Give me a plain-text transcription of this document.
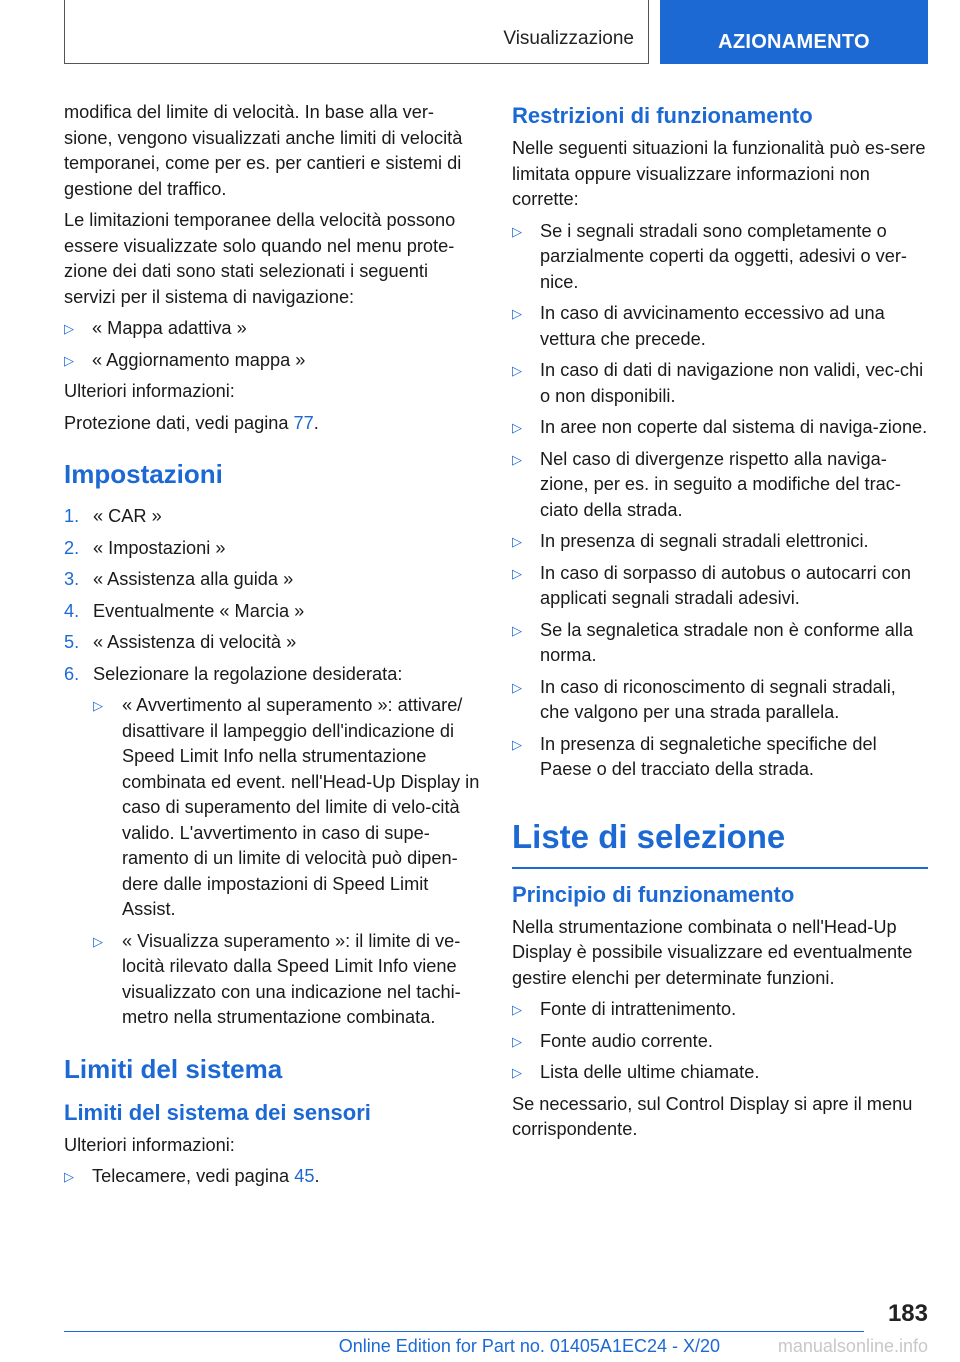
Visualizzazione	AZIONAMENTO

modifica del limite di velocità. In base alla ver-sione, vengono visualizzati anche limiti di velocità temporanei, come per es. per cantieri e sistemi di gestione del traffico.

Le limitazioni temporanee della velocità possono essere visualizzate solo quando nel menu prote-zione dei dati sono stati selezionati i seguenti servizi per il sistema di navigazione:

▷ « Mappa adattiva »
▷ « Aggiornamento mappa »

Ulteriori informazioni:

Protezione dati, vedi pagina 77.

Impostazioni
1. « CAR »
2. « Impostazioni »
3. « Assistenza alla guida »
4. Eventualmente « Marcia »
5. « Assistenza di velocità »
6. Selezionare la regolazione desiderata:
▷ « Avvertimento al superamento »: attivare/ disattivare il lampeggio dell'indicazione di Speed Limit Info nella strumentazione combinata ed event. nell'Head-Up Display in caso di superamento del limite di velo-cità valido. L'avvertimento in caso di supe-ramento di un limite di velocità può dipen-dere dalle impostazioni di Speed Limit Assist.
▷ « Visualizza superamento »: il limite di ve-locità rilevato dalla Speed Limit Info viene visualizzato con una indicazione nel tachi-metro nella strumentazione combinata.
Limiti del sistema
Limiti del sistema dei sensori

Ulteriori informazioni:

▷ Telecamere, vedi pagina 45.
Restrizioni di funzionamento

Nelle seguenti situazioni la funzionalità può es-sere limitata oppure visualizzare informazioni non corrette:

▷ Se i segnali stradali sono completamente o parzialmente coperti da oggetti, adesivi o ver-nice.
▷ In caso di avvicinamento eccessivo ad una vettura che precede.
▷ In caso di dati di navigazione non validi, vec-chi o non disponibili.
▷ In aree non coperte dal sistema di naviga-zione.
▷ Nel caso di divergenze rispetto alla naviga-zione, per es. in seguito a modifiche del trac-ciato della strada.
▷ In presenza di segnali stradali elettronici.
▷ In caso di sorpasso di autobus o autocarri con applicati segnali stradali adesivi.
▷ Se la segnaletica stradale non è conforme alla norma.
▷ In caso di riconoscimento di segnali stradali, che valgono per una strada parallela.
▷ In presenza di segnaletiche specifiche del Paese o del tracciato della strada.
Liste di selezione
Principio di funzionamento

Nella strumentazione combinata o nell'Head-Up Display è possibile visualizzare ed eventualmente gestire elenchi per determinate funzioni.

▷ Fonte di intrattenimento.
▷ Fonte audio corrente.
▷ Lista delle ultime chiamate.

Se necessario, sul Control Display si apre il menu corrispondente.

183
Online Edition for Part no. 01405A1EC24 - X/20	manualsonline.info
